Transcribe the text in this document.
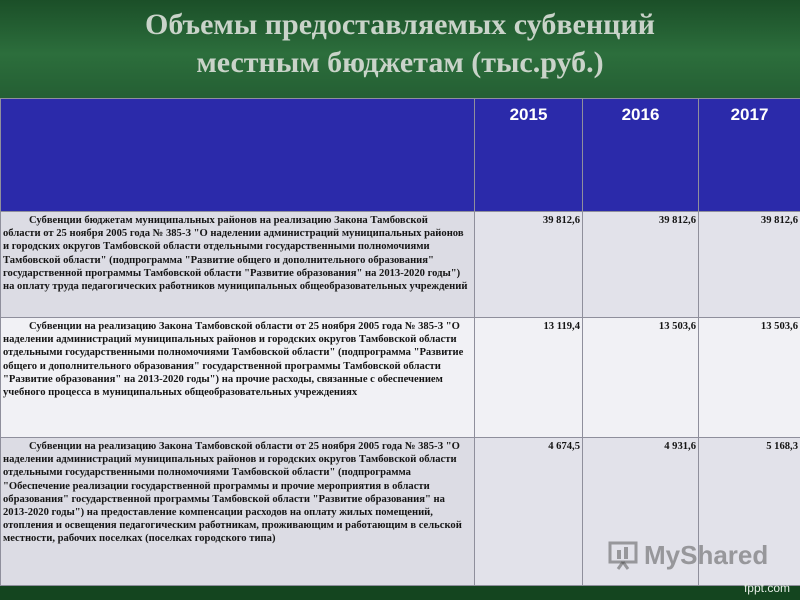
Объемы предоставляемых субвенций
местным бюджетам (тыс.руб.)
	2015	2016	2017
Субвенции бюджетам муниципальных районов на реализацию Закона Тамбовской области от 25 ноября 2005 года № 385-З "О наделении администраций муниципальных районов и городских округов Тамбовской области отдельными государственными полномочиями Тамбовской области" (подпрограмма "Развитие общего и дополнительного образования" государственной программы Тамбовской области "Развитие образования" на 2013-2020 годы") на оплату труда педагогических работников муниципальных общеобразовательных учреждений	39 812,6	39 812,6	39 812,6
Субвенции на реализацию Закона Тамбовской области от 25 ноября 2005 года № 385-З "О наделении администраций муниципальных районов и городских округов Тамбовской области отдельными государственными полномочиями Тамбовской области" (подпрограмма "Развитие общего и дополнительного образования" государственной программы Тамбовской области "Развитие образования" на 2013-2020 годы") на прочие расходы, связанные с обеспечением учебного процесса в муниципальных общеобразовательных учреждениях	13 119,4	13 503,6	13 503,6
Субвенции на реализацию Закона Тамбовской области от 25 ноября 2005 года № 385-З "О наделении администраций муниципальных районов и городских округов Тамбовской области отдельными государственными полномочиями Тамбовской области" (подпрограмма "Обеспечение реализации государственной программы и прочие мероприятия в области образования" государственной программы Тамбовской области "Развитие образования" на 2013-2020 годы") на предоставление компенсации расходов на оплату жилых помещений, отопления и освещения педагогическим работникам, проживающим и работающим в сельской местности, рабочих поселках (поселках городского типа)	4 674,5	4 931,6	5 168,3
MyShared
fppt.com
